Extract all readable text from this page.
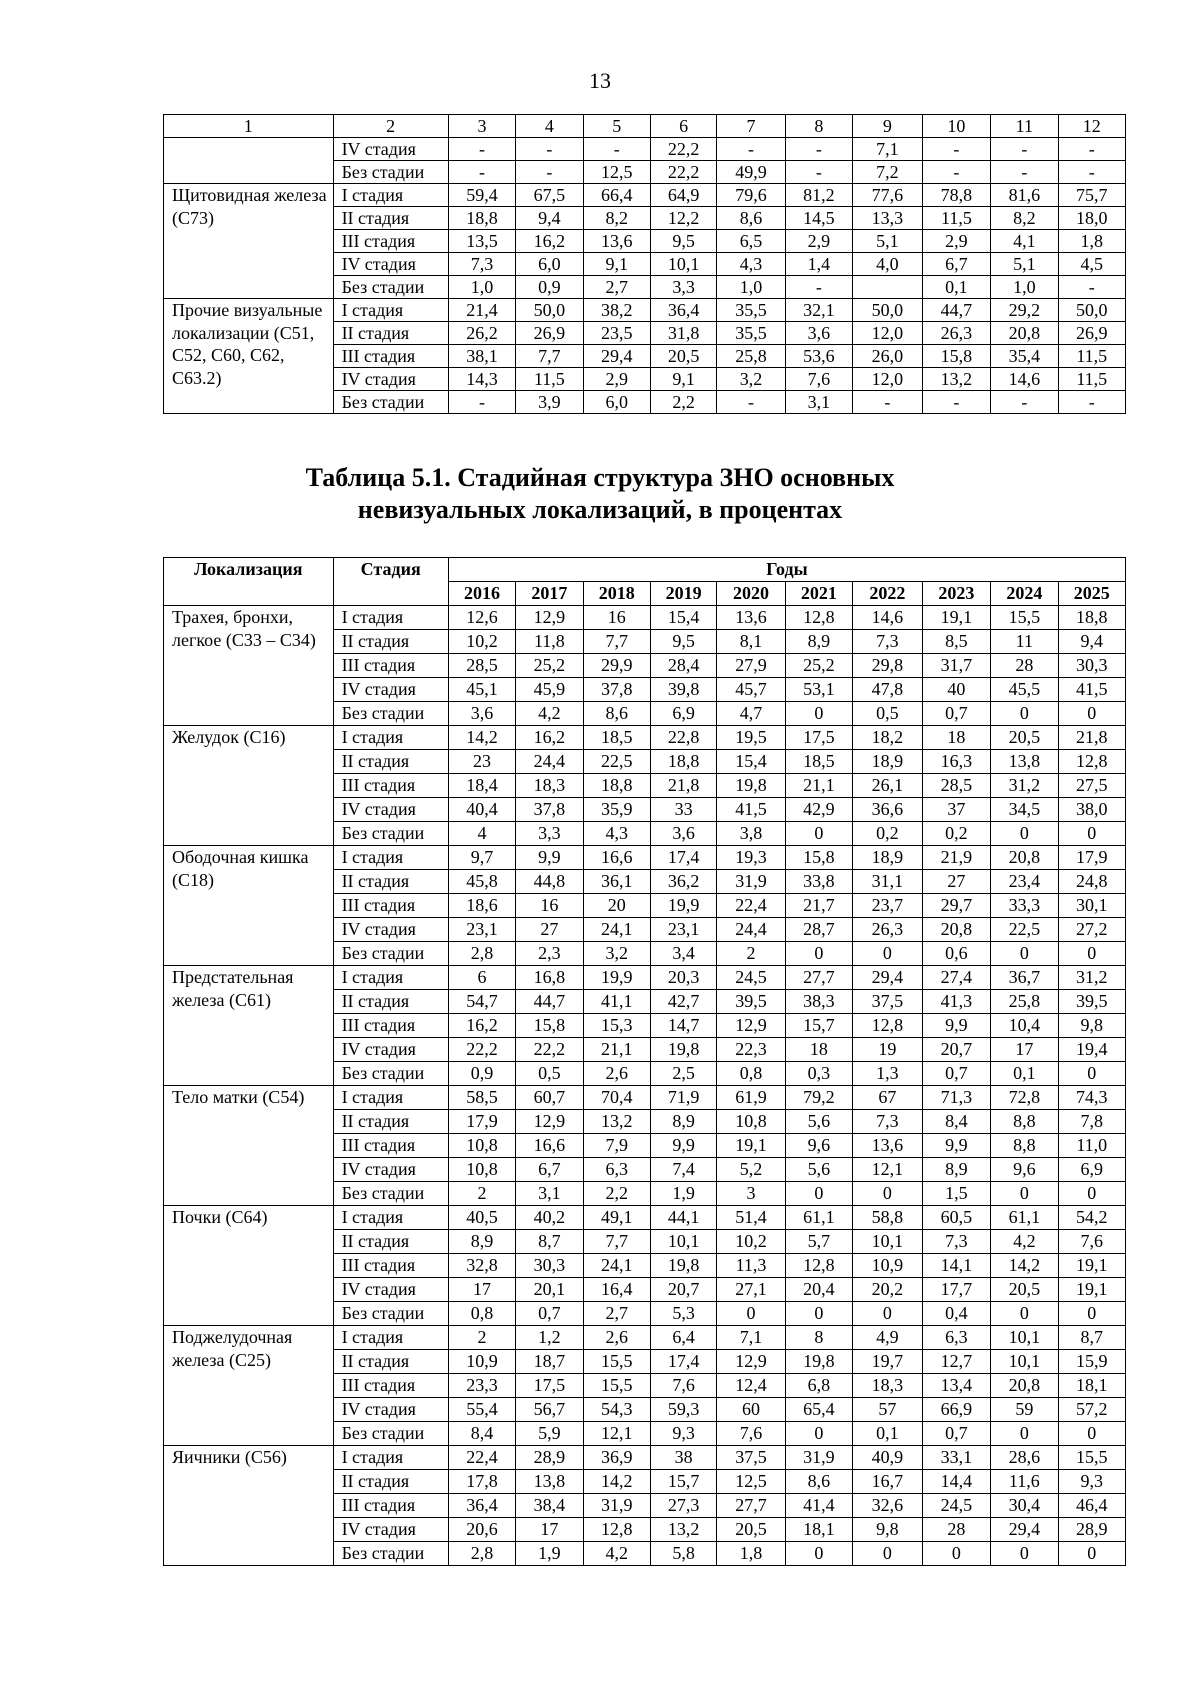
13
1	2	3	4	5	6	7	8	9	10	11	12
	IV стадия	-	-	-	22,2	-	-	7,1	-	-	-
	Без стадии	-	-	12,5	22,2	49,9	-	7,2	-	-	-
Щитовидная железа (С73)	I стадия	59,4	67,5	66,4	64,9	79,6	81,2	77,6	78,8	81,6	75,7
	II стадия	18,8	9,4	8,2	12,2	8,6	14,5	13,3	11,5	8,2	18,0
	III стадия	13,5	16,2	13,6	9,5	6,5	2,9	5,1	2,9	4,1	1,8
	IV стадия	7,3	6,0	9,1	10,1	4,3	1,4	4,0	6,7	5,1	4,5
	Без стадии	1,0	0,9	2,7	3,3	1,0	-		0,1	1,0	-
Прочие визуальные локализации (С51, С52, С60, С62, С63.2)	I стадия	21,4	50,0	38,2	36,4	35,5	32,1	50,0	44,7	29,2	50,0
	II стадия	26,2	26,9	23,5	31,8	35,5	3,6	12,0	26,3	20,8	26,9
	III стадия	38,1	7,7	29,4	20,5	25,8	53,6	26,0	15,8	35,4	11,5
	IV стадия	14,3	11,5	2,9	9,1	3,2	7,6	12,0	13,2	14,6	11,5
	Без стадии	-	3,9	6,0	2,2	-	3,1	-	-	-	-
Таблица 5.1. Стадийная структура ЗНО основных
невизуальных локализаций, в процентах
Локализация	Стадия	Годы									
		2016	2017	2018	2019	2020	2021	2022	2023	2024	2025
Трахея, бронхи, легкое (С33 – С34)	I стадия	12,6	12,9	16	15,4	13,6	12,8	14,6	19,1	15,5	18,8
	II стадия	10,2	11,8	7,7	9,5	8,1	8,9	7,3	8,5	11	9,4
	III стадия	28,5	25,2	29,9	28,4	27,9	25,2	29,8	31,7	28	30,3
	IV стадия	45,1	45,9	37,8	39,8	45,7	53,1	47,8	40	45,5	41,5
	Без стадии	3,6	4,2	8,6	6,9	4,7	0	0,5	0,7	0	0
Желудок (С16)	I стадия	14,2	16,2	18,5	22,8	19,5	17,5	18,2	18	20,5	21,8
	II стадия	23	24,4	22,5	18,8	15,4	18,5	18,9	16,3	13,8	12,8
	III стадия	18,4	18,3	18,8	21,8	19,8	21,1	26,1	28,5	31,2	27,5
	IV стадия	40,4	37,8	35,9	33	41,5	42,9	36,6	37	34,5	38,0
	Без стадии	4	3,3	4,3	3,6	3,8	0	0,2	0,2	0	0
Ободочная кишка (С18)	I стадия	9,7	9,9	16,6	17,4	19,3	15,8	18,9	21,9	20,8	17,9
	II стадия	45,8	44,8	36,1	36,2	31,9	33,8	31,1	27	23,4	24,8
	III стадия	18,6	16	20	19,9	22,4	21,7	23,7	29,7	33,3	30,1
	IV стадия	23,1	27	24,1	23,1	24,4	28,7	26,3	20,8	22,5	27,2
	Без стадии	2,8	2,3	3,2	3,4	2	0	0	0,6	0	0
Предстательная железа (С61)	I стадия	6	16,8	19,9	20,3	24,5	27,7	29,4	27,4	36,7	31,2
	II стадия	54,7	44,7	41,1	42,7	39,5	38,3	37,5	41,3	25,8	39,5
	III стадия	16,2	15,8	15,3	14,7	12,9	15,7	12,8	9,9	10,4	9,8
	IV стадия	22,2	22,2	21,1	19,8	22,3	18	19	20,7	17	19,4
	Без стадии	0,9	0,5	2,6	2,5	0,8	0,3	1,3	0,7	0,1	0
Тело матки (С54)	I стадия	58,5	60,7	70,4	71,9	61,9	79,2	67	71,3	72,8	74,3
	II стадия	17,9	12,9	13,2	8,9	10,8	5,6	7,3	8,4	8,8	7,8
	III стадия	10,8	16,6	7,9	9,9	19,1	9,6	13,6	9,9	8,8	11,0
	IV стадия	10,8	6,7	6,3	7,4	5,2	5,6	12,1	8,9	9,6	6,9
	Без стадии	2	3,1	2,2	1,9	3	0	0	1,5	0	0
Почки (С64)	I стадия	40,5	40,2	49,1	44,1	51,4	61,1	58,8	60,5	61,1	54,2
	II стадия	8,9	8,7	7,7	10,1	10,2	5,7	10,1	7,3	4,2	7,6
	III стадия	32,8	30,3	24,1	19,8	11,3	12,8	10,9	14,1	14,2	19,1
	IV стадия	17	20,1	16,4	20,7	27,1	20,4	20,2	17,7	20,5	19,1
	Без стадии	0,8	0,7	2,7	5,3	0	0	0	0,4	0	0
Поджелудочная железа (С25)	I стадия	2	1,2	2,6	6,4	7,1	8	4,9	6,3	10,1	8,7
	II стадия	10,9	18,7	15,5	17,4	12,9	19,8	19,7	12,7	10,1	15,9
	III стадия	23,3	17,5	15,5	7,6	12,4	6,8	18,3	13,4	20,8	18,1
	IV стадия	55,4	56,7	54,3	59,3	60	65,4	57	66,9	59	57,2
	Без стадии	8,4	5,9	12,1	9,3	7,6	0	0,1	0,7	0	0
Яичники (С56)	I стадия	22,4	28,9	36,9	38	37,5	31,9	40,9	33,1	28,6	15,5
	II стадия	17,8	13,8	14,2	15,7	12,5	8,6	16,7	14,4	11,6	9,3
	III стадия	36,4	38,4	31,9	27,3	27,7	41,4	32,6	24,5	30,4	46,4
	IV стадия	20,6	17	12,8	13,2	20,5	18,1	9,8	28	29,4	28,9
	Без стадии	2,8	1,9	4,2	5,8	1,8	0	0	0	0	0
